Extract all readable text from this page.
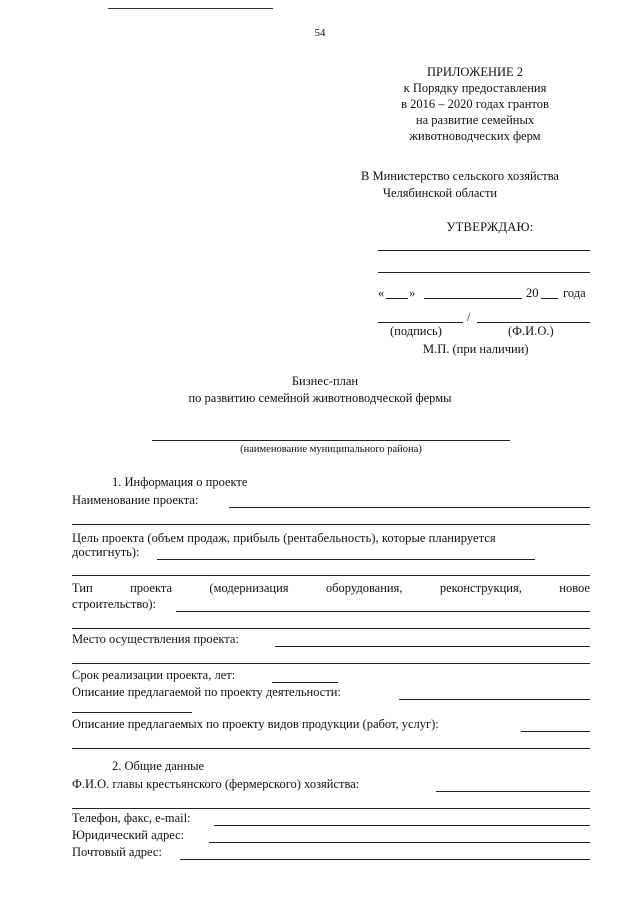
54
ПРИЛОЖЕНИЕ 2
к Порядку предоставления
в 2016 – 2020 годах грантов
на развитие семейных
животноводческих ферм
В Министерство сельского хозяйства
Челябинской области
УТВЕРЖДАЮ:
« »	20 года
/
(подпись)	(Ф.И.О.)
М.П. (при наличии)
Бизнес-план
по развитию семейной животноводческой фермы
(наименование муниципального района)
1. Информация о проекте
Наименование проекта:
Цель проекта (объем продаж, прибыль (рентабельность), которые планируется
достигнуть):
Тип	проекта	(модернизация	оборудования,	реконструкция,	новое
строительство):
Место осуществления проекта:
Срок реализации проекта, лет:
Описание предлагаемой по проекту деятельности:
Описание предлагаемых по проекту видов продукции (работ, услуг):
2. Общие данные
Ф.И.О. главы крестьянского (фермерского) хозяйства:
Телефон, факс, e-mail:
Юридический адрес:
Почтовый адрес:
